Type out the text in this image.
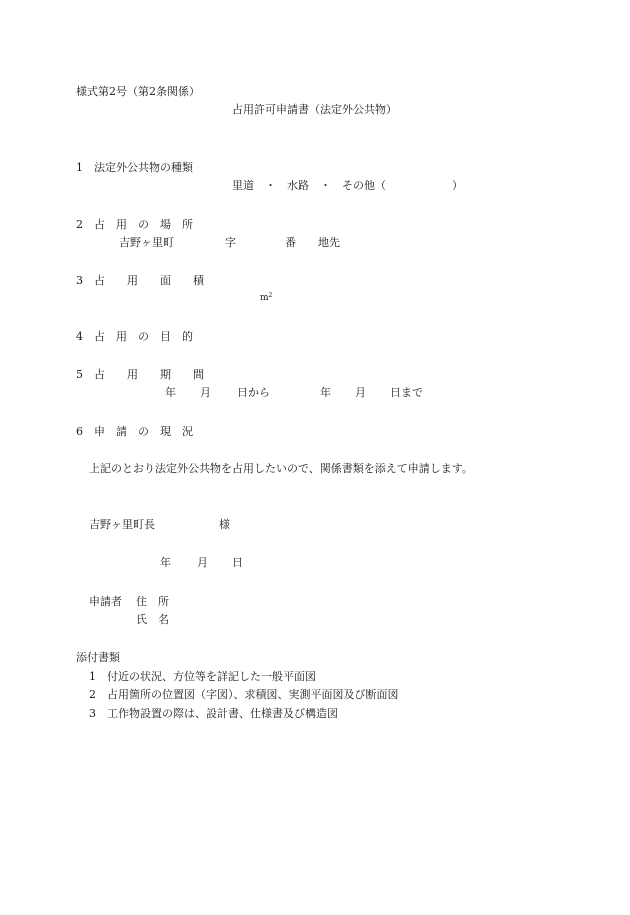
様式第2号（第2条関係）
占用許可申請書（法定外公共物）
1　法定外公共物の種類
里道　・　水路　・　その他（　　　　　　）
2　占　用　の　場　所
吉野ヶ里町	字	番 地先
3　占　　用　　面　　積
$m^2$
4　占　用　の　目　的
5　占　　用　　期　　間
年 月 日から	年 月 日まで
6　申　請　の　現　況
上記のとおり法定外公共物を占用したいので、関係書類を添えて申請します。
吉野ヶ里町長	様
年 月 日
申請者 住　所
氏　名
添付書類
1　付近の状況、方位等を詳記した一般平面図
2　占用箇所の位置図（字図）、求積図、実測平面図及び断面図
3　工作物設置の際は、設計書、仕様書及び構造図
